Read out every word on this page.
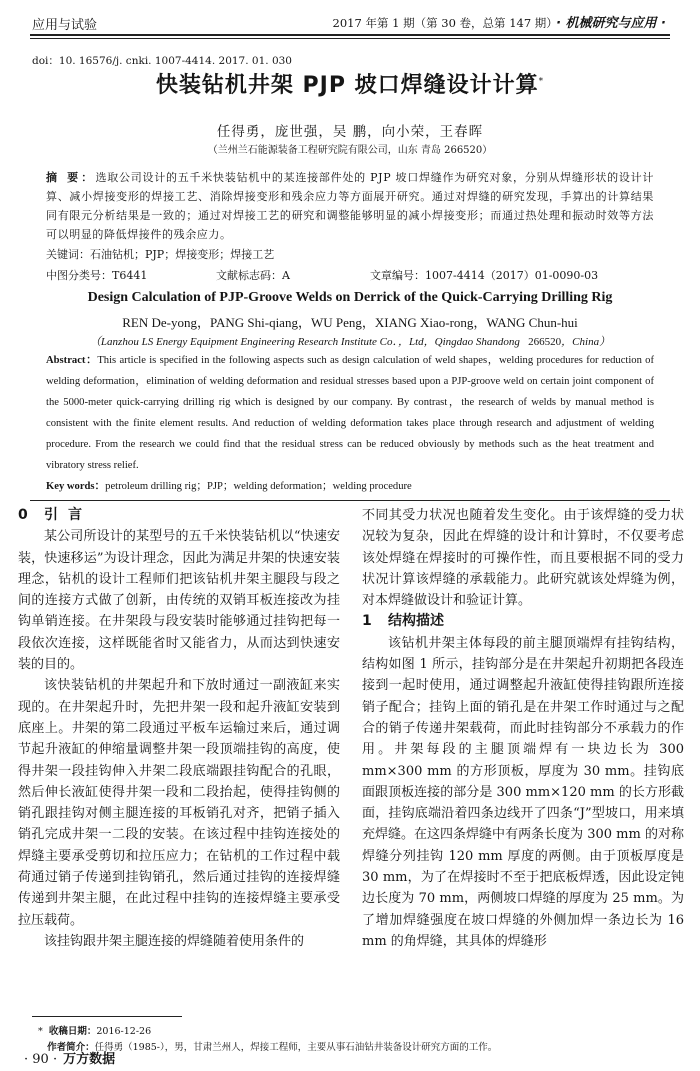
应用与试验	2017 年第 1 期（第 30 卷，总第 147 期） · 机械研究与应用 ·
doi：10. 16576/j. cnki. 1007-4414. 2017. 01. 030
快装钻机井架 PJP 坡口焊缝设计计算*
任得勇，庞世强，吴 鹏，向小荣，王春晖
（兰州兰石能源装备工程研究院有限公司，山东 青岛 266520）
摘 要：选取公司设计的五千米快装钻机中的某连接部件处的 PJP 坡口焊缝作为研究对象，分别从焊缝形状的设计计算、减小焊接变形的焊接工艺、消除焊接变形和残余应力等方面展开研究。通过对焊缝的研究发现，手算出的计算结果同有限元分析结果是一致的；通过对焊接工艺的研究和调整能够明显的减小焊接变形；而通过热处理和振动时效等方法可以明显的降低焊接件的残余应力。
关键词：石油钻机；PJP；焊接变形；焊接工艺
中图分类号：T6441	文献标志码：A	文章编号：1007-4414（2017）01-0090-03
Design Calculation of PJP-Groove Welds on Derrick of the Quick-Carrying Drilling Rig
REN De-yong，PANG Shi-qiang，WU Peng，XIANG Xiao-rong，WANG Chun-hui
（Lanzhou LS Energy Equipment Engineering Research Institute Co．，Ltd，Qingdao Shandong 266520，China）
Abstract：This article is specified in the following aspects such as design calculation of weld shapes，welding procedures for reduction of welding deformation，elimination of welding deformation and residual stresses based upon a PJP-groove weld on certain joint component of the 5000-meter quick-carrying drilling rig which is designed by our company. By contrast，the research of welds by manual method is consistent with the finite element results. And reduction of welding deformation takes place through research and adjustment of welding procedure. From the research we could find that the residual stress can be reduced obviously by methods such as the heat treatment and vibratory stress relief.
Key words：petroleum drilling rig；PJP；welding deformation；welding procedure
0 引言

某公司所设计的某型号的五千米快装钻机以“快速安装，快速移运”为设计理念，因此为满足井架的快速安装理念，钻机的设计工程师们把该钻机井架主腿段与段之间的连接方式做了创新，由传统的双销耳板连接改为挂钩单销连接。在井架段与段安装时能够通过挂钩把每一段依次连接，这样既能省时又能省力，从而达到快速安装的目的。

该快装钻机的井架起升和下放时通过一副液缸来实现的。在井架起升时，先把井架一段和起升液缸安装到底座上。井架的第二段通过平板车运输过来后，通过调节起升液缸的伸缩量调整井架一段顶端挂钩的高度，使得井架一段挂钩伸入井架二段底端跟挂钩配合的孔眼，然后伸长液缸使得井架一段和二段抬起，使得挂钩侧的销孔跟挂钩对侧主腿连接的耳板销孔对齐，把销子插入销孔完成井架一二段的安装。在该过程中挂钩连接处的焊缝主要承受剪切和拉压应力；在钻机的工作过程中载荷通过销子传递到挂钩销孔，然后通过挂钩的连接焊缝传递到井架主腿，在此过程中挂钩的连接焊缝主要承受拉压载荷。

该挂钩跟井架主腿连接的焊缝随着使用条件的

不同其受力状况也随着发生变化。由于该焊缝的受力状况较为复杂，因此在焊缝的设计和计算时，不仅要考虑该处焊缝在焊接时的可操作性，而且要根据不同的受力状况计算该焊缝的承载能力。此研究就该处焊缝为例，对本焊缝做设计和验证计算。

1 结构描述

该钻机井架主体每段的前主腿顶端焊有挂钩结构，结构如图 1 所示，挂钩部分是在井架起升初期把各段连接到一起时使用，通过调整起升液缸使得挂钩跟所连接销子配合；挂钩上面的销孔是在井架工作时通过与之配合的销子传递井架载荷，而此时挂钩部分不承载力的作用。井架每段的主腿顶端焊有一块边长为 300 mm×300 mm 的方形顶板，厚度为 30 mm。挂钩底面跟顶板连接的部分是 300 mm×120 mm 的长方形截面，挂钩底端沿着四条边线开了四条“J”型坡口，用来填充焊缝。在这四条焊缝中有两条长度为 300 mm 的对称焊缝分列挂钩 120 mm 厚度的两侧。由于顶板厚度是 30 mm，为了在焊接时不至于把底板焊透，因此设定钝边长度为 70 mm，两侧坡口焊缝的厚度为 25 mm。为了增加焊缝强度在坡口焊缝的外侧加焊一条边长为 16 mm 的角焊缝，其具体的焊缝形

*  收稿日期：2016-12-26
作者简介：任得勇（1985-），男，甘肃兰州人，焊接工程师，主要从事石油钻井装备设计研究方面的工作。
· 90 · 万方数据
